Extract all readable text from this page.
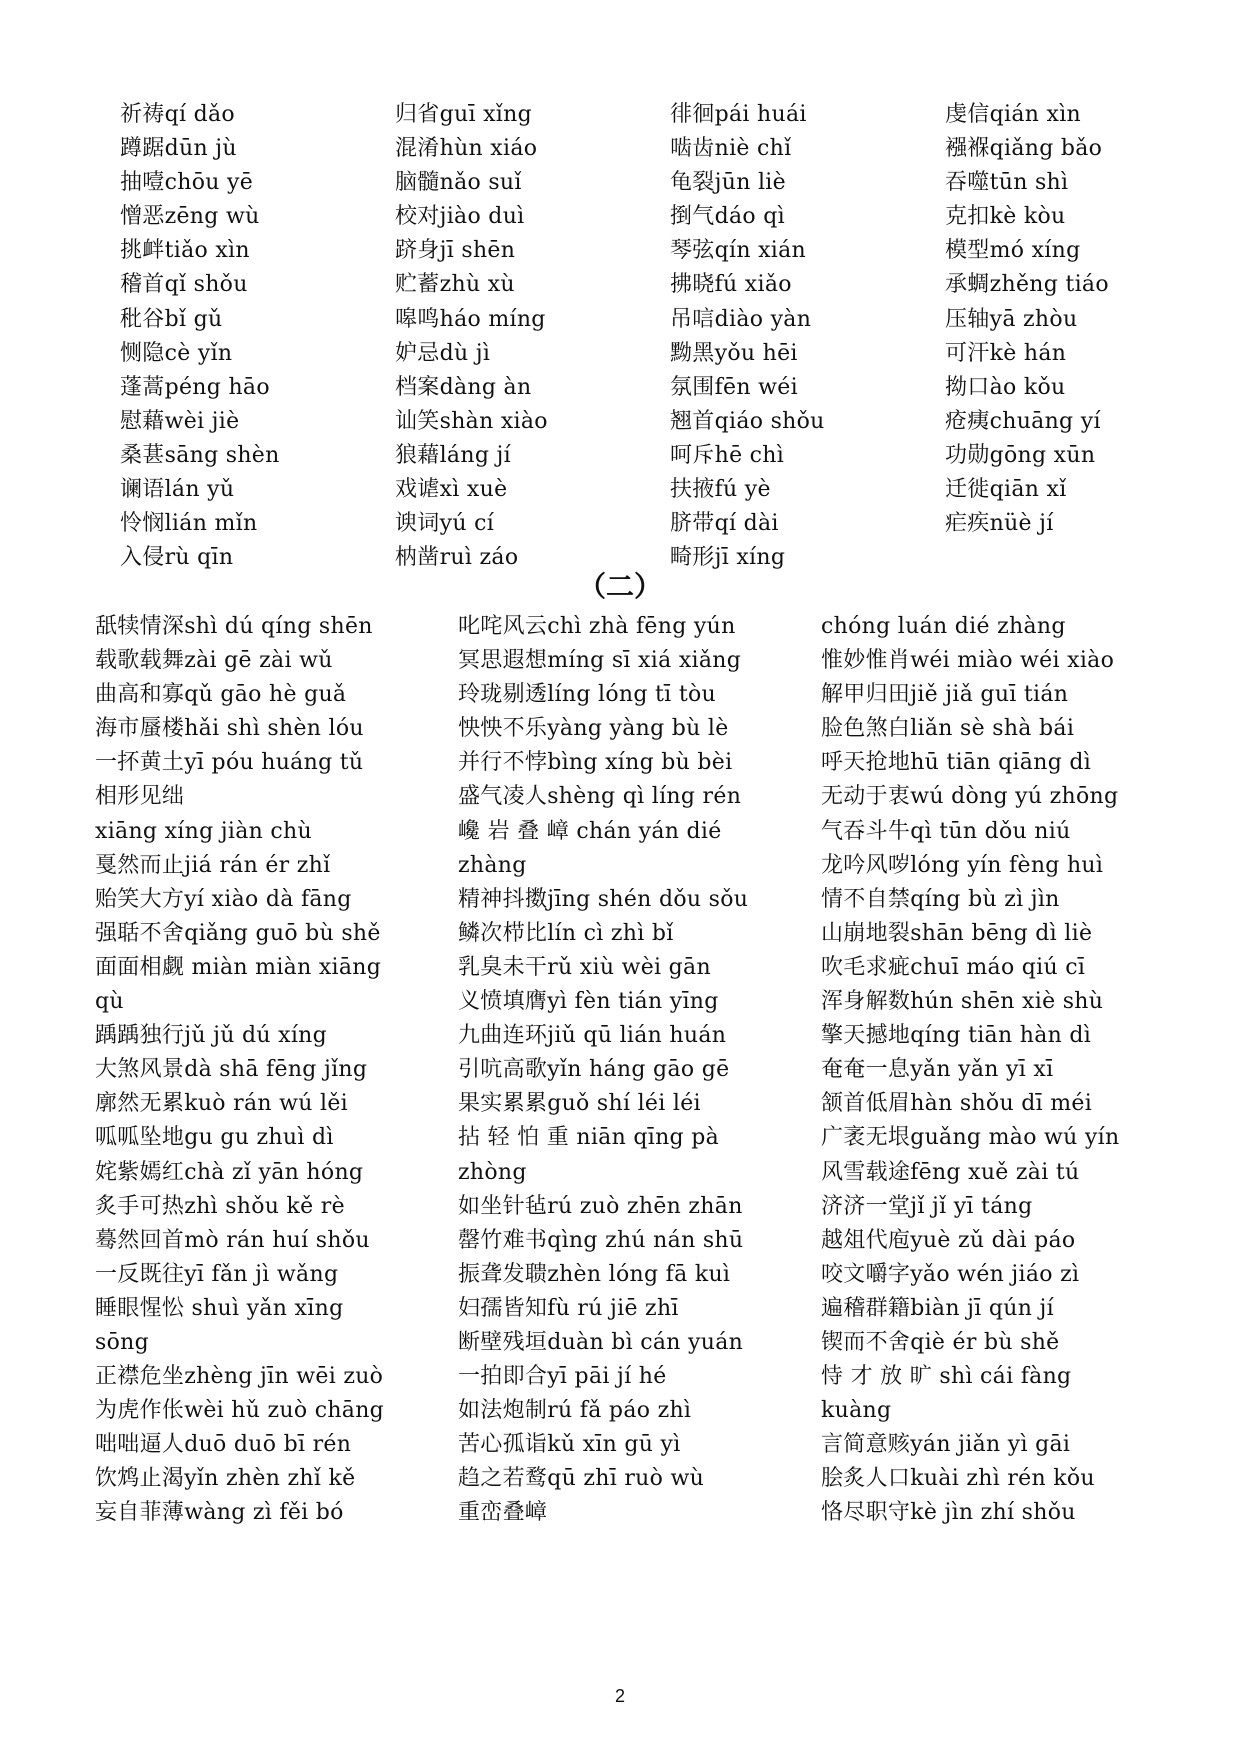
祈祷qí dǎo
蹲踞dūn jù
抽噎chōu yē
憎恶zēng wù
挑衅tiǎo xìn
稽首qǐ shǒu
秕谷bǐ gǔ
恻隐cè yǐn
蓬蒿péng hāo
慰藉wèi jiè
桑葚sāng shèn
谰语lán yǔ
怜悯lián mǐn
入侵rù qīn
归省guī xǐng
混淆hùn xiáo
脑髓nǎo suǐ
校对jiào duì
跻身jī shēn
贮蓄zhù xù
嗥鸣háo míng
妒忌dù jì
档案dàng àn
讪笑shàn xiào
狼藉láng jí
戏谑xì xuè
谀词yú cí
枘凿ruì záo
徘徊pái huái
啮齿niè chǐ
龟裂jūn liè
捯气dáo qì
琴弦qín xián
拂晓fú xiǎo
吊唁diào yàn
黝黑yǒu hēi
氛围fēn wéi
翘首qiáo shǒu
呵斥hē chì
扶掖fú yè
脐带qí dài
畸形jī xíng
虔信qián xìn
襁褓qiǎng bǎo
吞噬tūn shì
克扣kè kòu
模型mó xíng
承蜩zhěng tiáo
压轴yā zhòu
可汗kè hán
拗口ào kǒu
疮痍chuāng yí
功勋gōng xūn
迁徙qiān xǐ
疟疾nüè jí
（二）
舐犊情深shì dú qíng shēn
载歌载舞zài gē zài wǔ
曲高和寡qǔ gāo hè guǎ
海市蜃楼hǎi shì shèn lóu
一抔黄土yī póu huáng tǔ
相形见绌
xiāng xíng jiàn chù
戛然而止jiá rán ér zhǐ
贻笑大方yí xiào dà fāng
强聒不舍qiǎng guō bù shě
面面相觑 miàn miàn xiāng
qù
踽踽独行jǔ jǔ dú xíng
大煞风景dà shā fēng jǐng
廓然无累kuò rán wú lěi
呱呱坠地gu gu zhuì dì
姹紫嫣红chà zǐ yān hóng
炙手可热zhì shǒu kě rè
蓦然回首mò rán huí shǒu
一反既往yī fǎn jì wǎng
睡眼惺忪 shuì yǎn xīng
sōng
正襟危坐zhèng jīn wēi zuò
为虎作伥wèi hǔ zuò chāng
咄咄逼人duō duō bī rén
饮鸩止渴yǐn zhèn zhǐ kě
妄自菲薄wàng zì fěi bó
叱咤风云chì zhà fēng yún
冥思遐想míng sī xiá xiǎng
玲珑剔透líng lóng tī tòu
怏怏不乐yàng yàng bù lè
并行不悖bìng xíng bù bèi
盛气凌人shèng qì líng rén
巉 岩 叠 嶂 chán yán dié
zhàng
精神抖擞jīng shén dǒu sǒu
鳞次栉比lín cì zhì bǐ
乳臭未干rǔ xiù wèi gān
义愤填膺yì fèn tián yīng
九曲连环jiǔ qū lián huán
引吭高歌yǐn háng gāo gē
果实累累guǒ shí léi léi
拈 轻 怕 重 niān qīng pà
zhòng
如坐针毡rú zuò zhēn zhān
罄竹难书qìng zhú nán shū
振聋发聩zhèn lóng fā kuì
妇孺皆知fù rú jiē zhī
断壁残垣duàn bì cán yuán
一拍即合yī pāi jí hé
如法炮制rú fǎ páo zhì
苦心孤诣kǔ xīn gū yì
趋之若鹜qū zhī ruò wù
重峦叠嶂
chóng luán dié zhàng
惟妙惟肖wéi miào wéi xiào
解甲归田jiě jiǎ guī tián
脸色煞白liǎn sè shà bái
呼天抢地hū tiān qiāng dì
无动于衷wú dòng yú zhōng
气吞斗牛qì tūn dǒu niú
龙吟风哕lóng yín fèng huì
情不自禁qíng bù zì jìn
山崩地裂shān bēng dì liè
吹毛求疵chuī máo qiú cī
浑身解数hún shēn xiè shù
擎天撼地qíng tiān hàn dì
奄奄一息yǎn yǎn yī xī
颔首低眉hàn shǒu dī méi
广袤无垠guǎng mào wú yín
风雪载途fēng xuě zài tú
济济一堂jǐ jǐ yī táng
越俎代庖yuè zǔ dài páo
咬文嚼字yǎo wén jiáo zì
遍稽群籍biàn jī qún jí
锲而不舍qiè ér bù shě
恃 才 放 旷 shì cái fàng
kuàng
言简意赅yán jiǎn yì gāi
脍炙人口kuài zhì rén kǒu
恪尽职守kè jìn zhí shǒu
2
